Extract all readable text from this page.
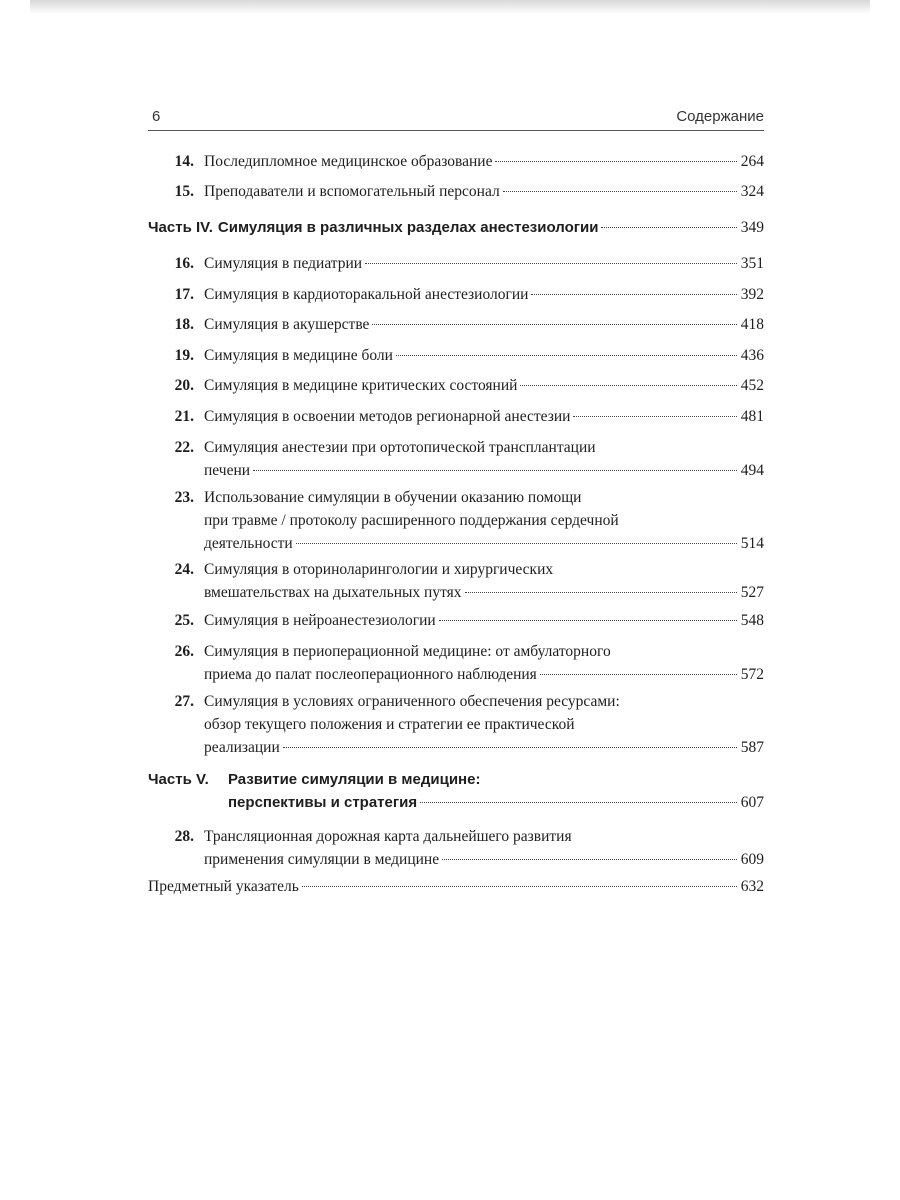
6	Содержание
14. Последипломное медицинское образование	264
15. Преподаватели и вспомогательный персонал	324
Часть IV. Симуляция в различных разделах анестезиологии	349
16. Симуляция в педиатрии	351
17. Симуляция в кардиоторакальной анестезиологии	392
18. Симуляция в акушерстве	418
19. Симуляция в медицине боли	436
20. Симуляция в медицине критических состояний	452
21. Симуляция в освоении методов регионарной анестезии	481
22. Симуляция анестезии при ортотопической трансплантации
печени	494
23. Использование симуляции в обучении оказанию помощи
при травме / протоколу расширенного поддержания сердечной
деятельности	514
24. Симуляция в оториноларингологии и хирургических
вмешательствах на дыхательных путях	527
25. Симуляция в нейроанестезиологии	548
26. Симуляция в периоперационной медицине: от амбулаторного
приема до палат послеоперационного наблюдения	572
27. Симуляция в условиях ограниченного обеспечения ресурсами:
обзор текущего положения и стратегии ее практической
реализации	587
Часть V. Развитие симуляции в медицине:
перспективы и стратегия	607
28. Трансляционная дорожная карта дальнейшего развития
применения симуляции в медицине	609
Предметный указатель	632
